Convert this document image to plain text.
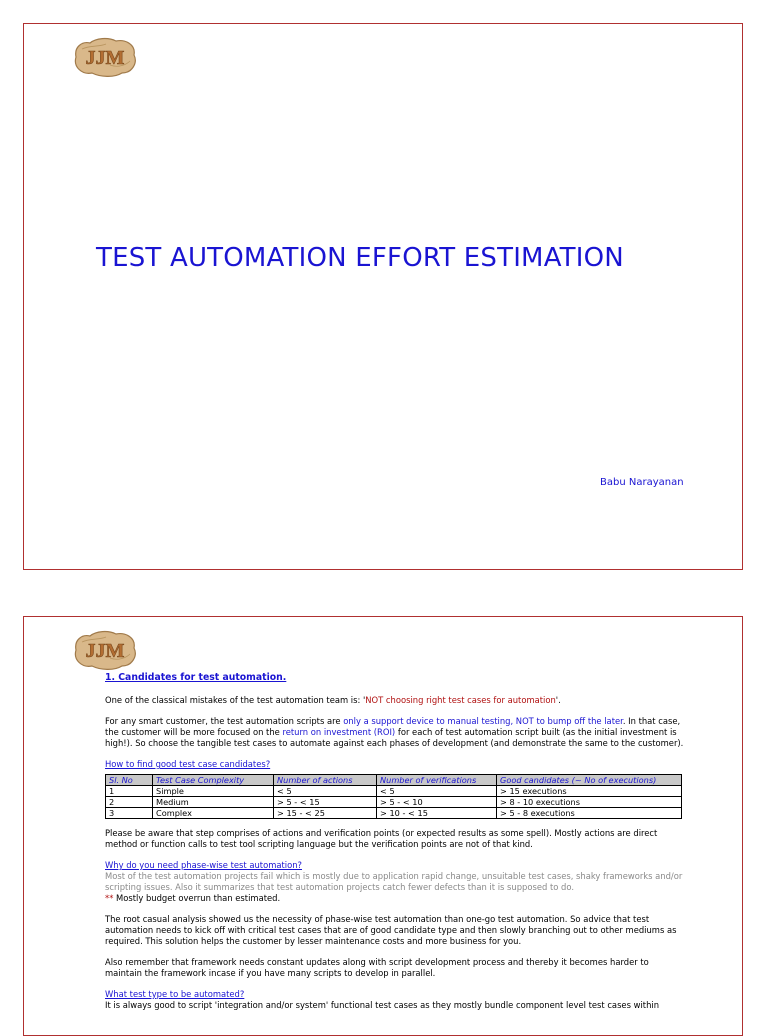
JJM
TEST AUTOMATION EFFORT ESTIMATION
Babu Narayanan
JJM
1. Candidates for test automation.

One of the classical mistakes of the test automation team is: 'NOT choosing right test cases for automation'.

For any smart customer, the test automation scripts are only a support device to manual testing, NOT to bump off the later. In that case, the customer will be more focused on the return on investment (ROI) for each of test automation script built (as the initial investment is high!). So choose the tangible test cases to automate against each phases of development (and demonstrate the same to the customer).

How to find good test case candidates?
Sl. No	Test Case Complexity	Number of actions	Number of verifications	Good candidates (~ No of executions)
1	Simple	< 5	< 5	> 15 executions
2	Medium	> 5 - < 15	> 5 - < 10	> 8 - 10 executions
3	Complex	> 15 - < 25	> 10 - < 15	> 5 - 8 executions

Please be aware that step comprises of actions and verification points (or expected results as some spell). Mostly actions are direct method or function calls to test tool scripting language but the verification points are not of that kind.

Why do you need phase-wise test automation?

Most of the test automation projects fail which is mostly due to application rapid change, unsuitable test cases, shaky frameworks and/or scripting issues. Also it summarizes that test automation projects catch fewer defects than it is supposed to do.

** Mostly budget overrun than estimated.

The root casual analysis showed us the necessity of phase-wise test automation than one-go test automation. So advice that test automation needs to kick off with critical test cases that are of good candidate type and then slowly branching out to other mediums as required. This solution helps the customer by lesser maintenance costs and more business for you.

Also remember that framework needs constant updates along with script development process and thereby it becomes harder to maintain the framework incase if you have many scripts to develop in parallel.

What test type to be automated?

It is always good to script 'integration and/or system' functional test cases as they mostly bundle component level test cases within
